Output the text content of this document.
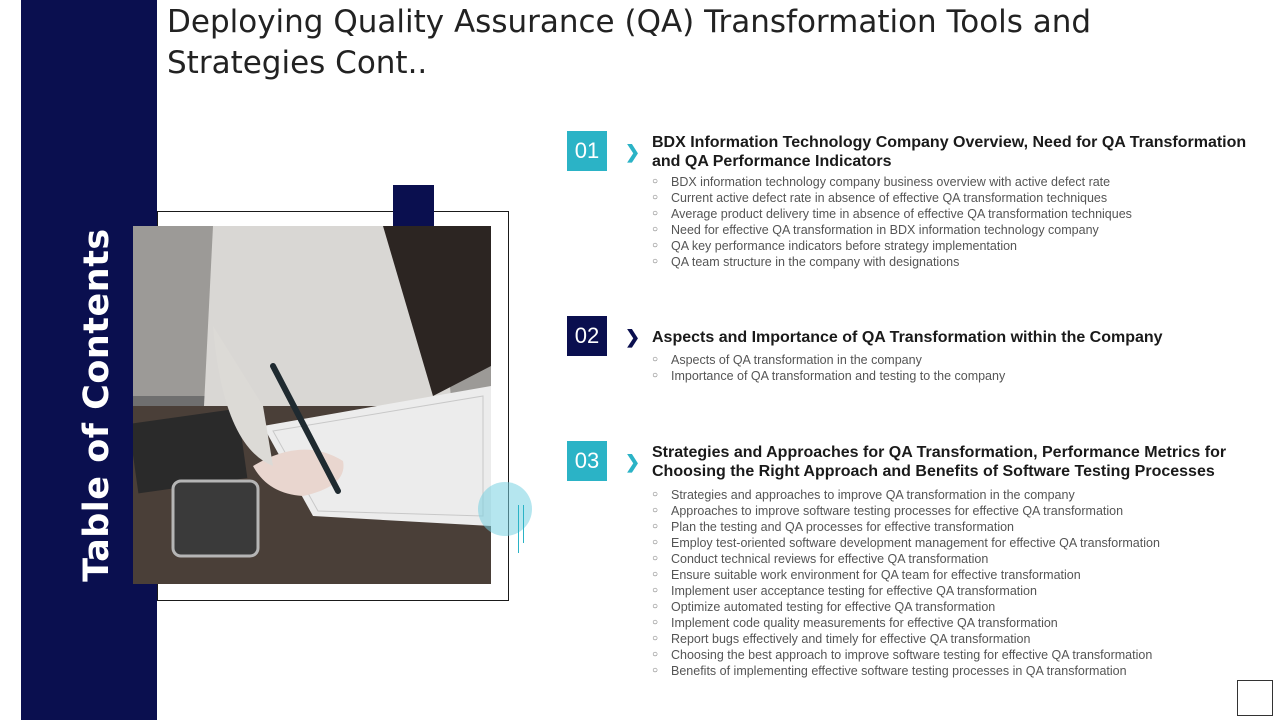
Table of Contents
Deploying Quality Assurance (QA) Transformation Tools and Strategies Cont..
01	❯ BDX Information Technology Company Overview, Need for QA Transformation and QA Performance Indicators
○ BDX information technology company business overview with active defect rate
○ Current active defect rate in absence of effective QA transformation techniques
○ Average product delivery time in absence of effective QA transformation techniques
○ Need for effective QA transformation in BDX information technology company
○ QA key performance indicators before strategy implementation
○ QA team structure in the company with designations
02	❯ Aspects and Importance of QA Transformation within the Company
○ Aspects of QA transformation in the company
○ Importance of QA transformation and testing to the company
03	❯ Strategies and Approaches for QA Transformation, Performance Metrics for Choosing the Right Approach and Benefits of Software Testing Processes
○ Strategies and approaches to improve QA transformation in the company
○ Approaches to improve software testing processes for effective QA transformation
○ Plan the testing and QA processes for effective transformation
○ Employ test-oriented software development management for effective QA transformation
○ Conduct technical reviews for effective QA transformation
○ Ensure suitable work environment for QA team for effective transformation
○ Implement user acceptance testing for effective QA transformation
○ Optimize automated testing for effective QA transformation
○ Implement code quality measurements for effective QA transformation
○ Report bugs effectively and timely for effective QA transformation
○ Choosing the best approach to improve software testing for effective QA transformation
○ Benefits of implementing effective software testing processes in QA transformation
